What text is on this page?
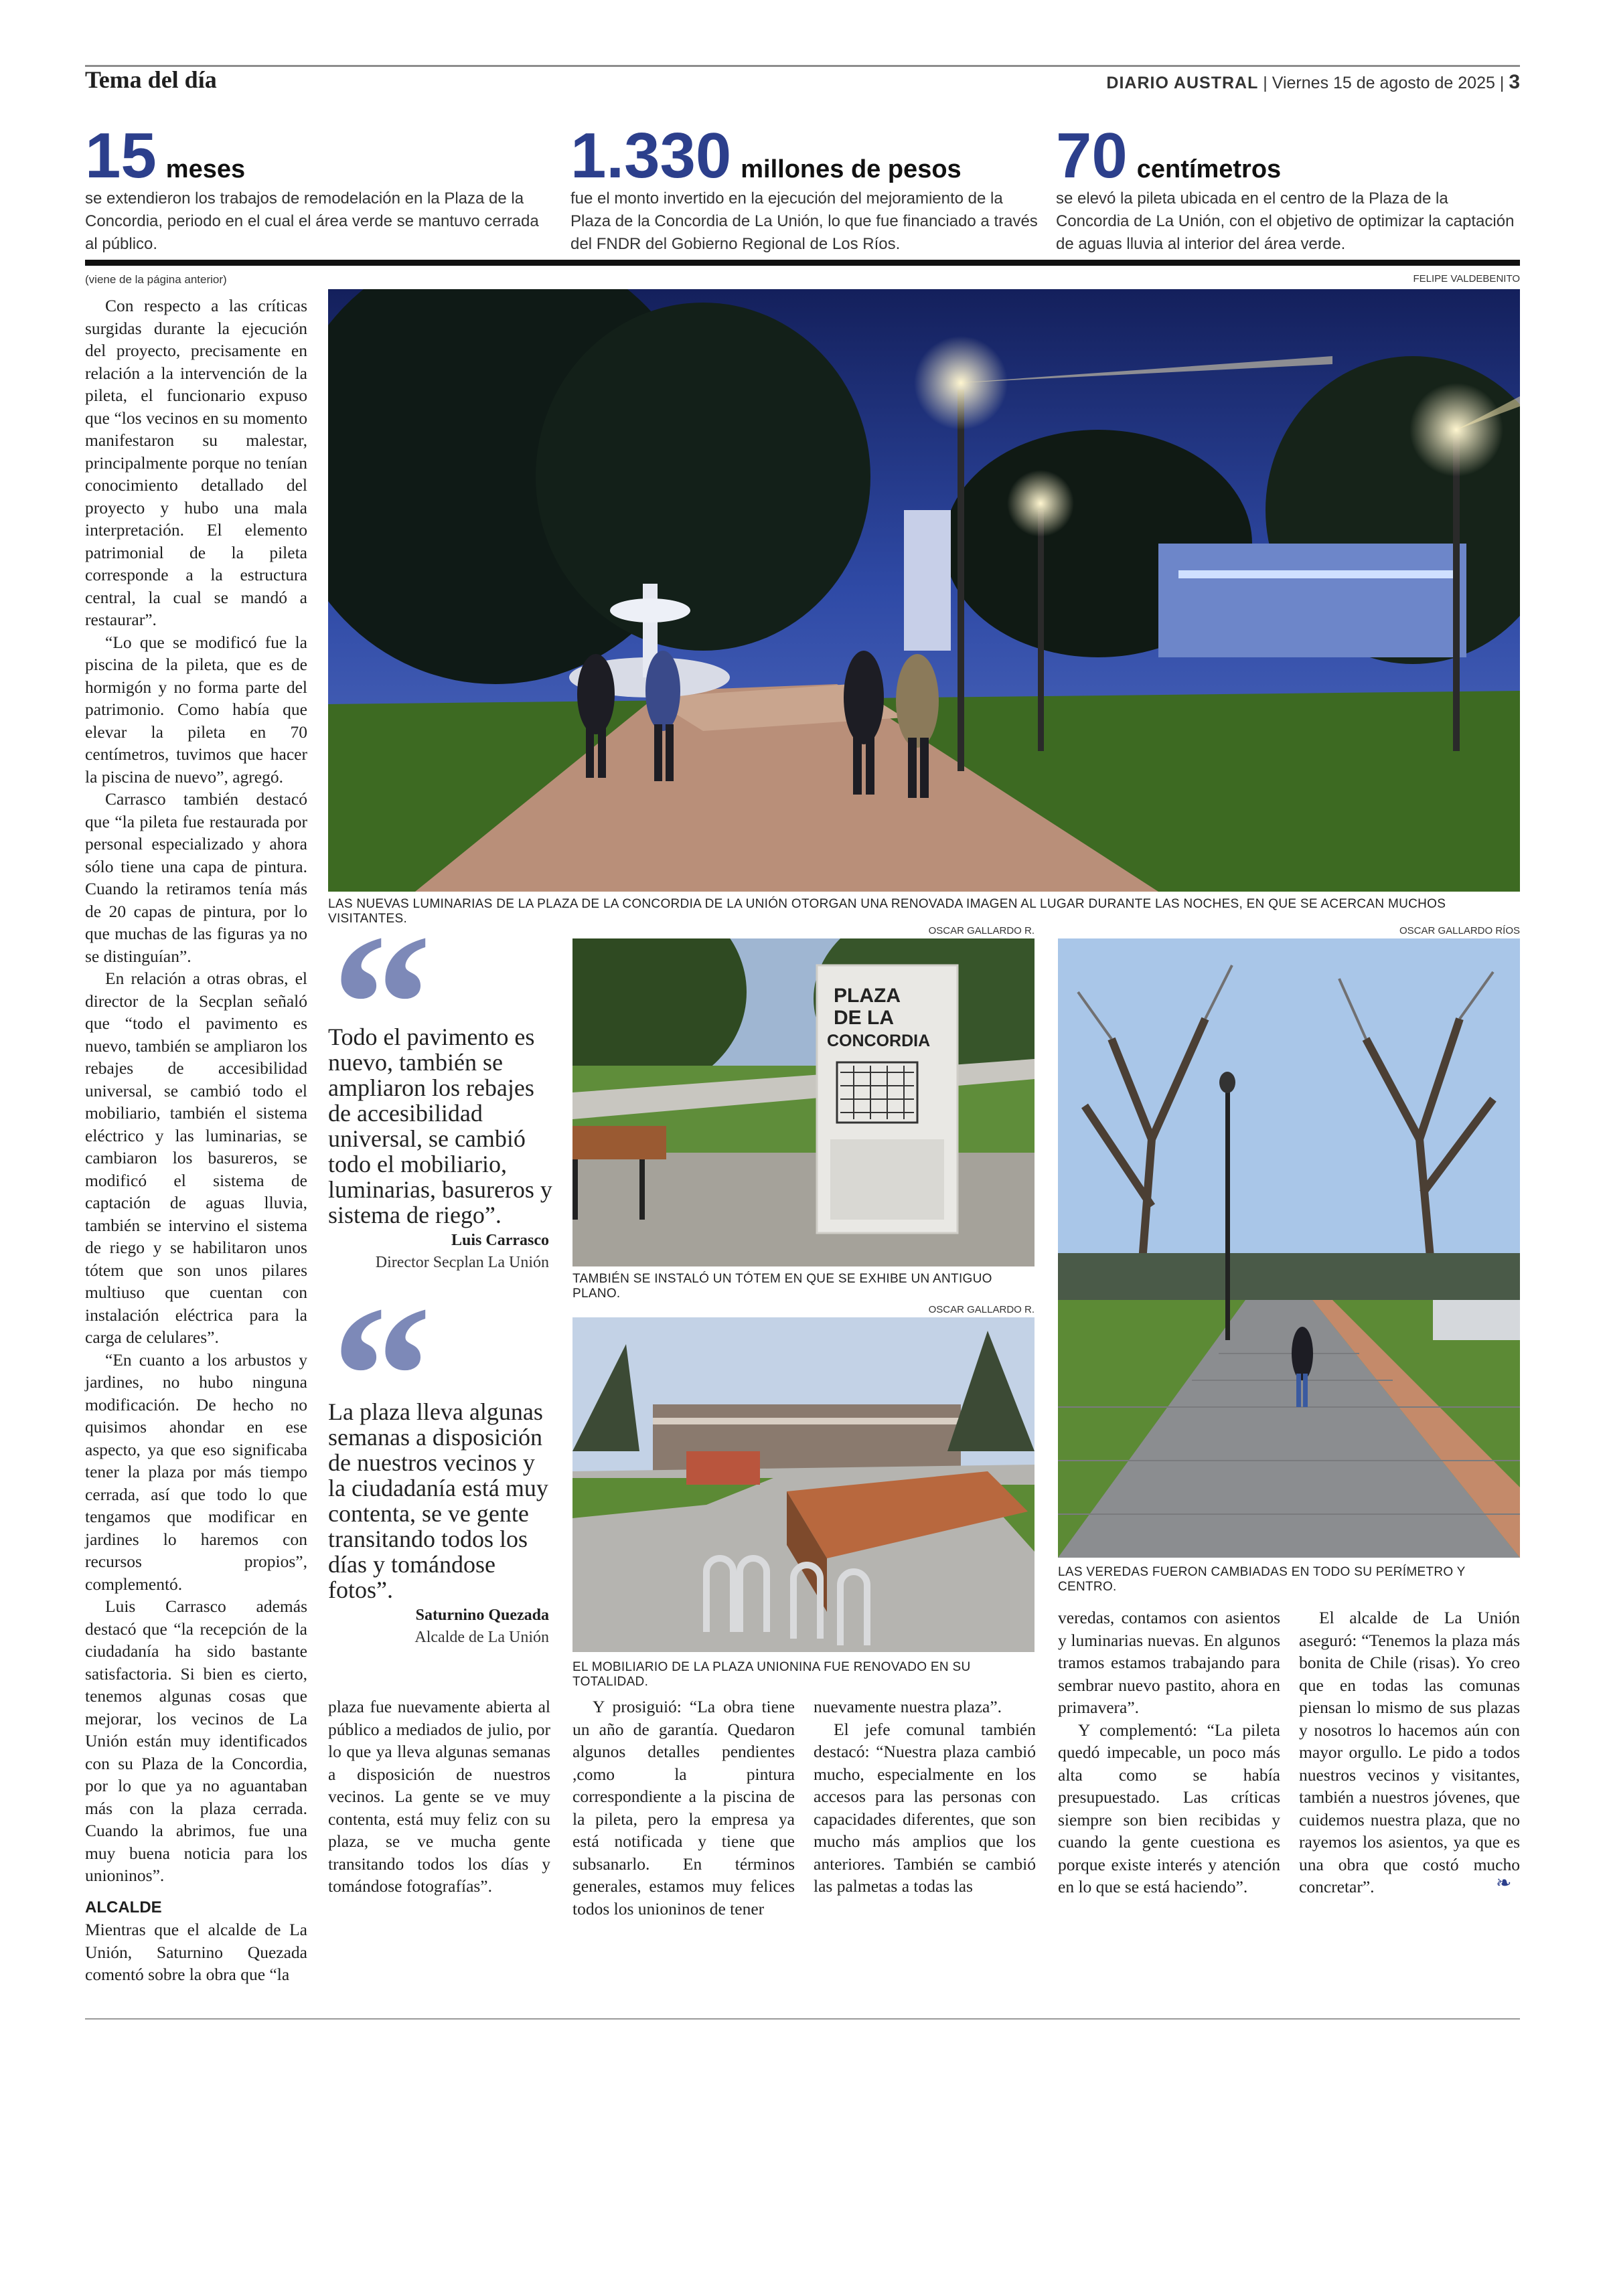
Tema del día	DIARIO AUSTRAL | Viernes 15 de agosto de 2025 | 3
15 meses
se extendieron los trabajos de remodelación en la Plaza de la Concordia, periodo en el cual el área verde se mantuvo cerrada al público.
1.330 millones de pesos
fue el monto invertido en la ejecución del mejoramiento de la Plaza de la Concordia de La Unión, lo que fue financiado a través del FNDR del Gobierno Regional de Los Ríos.
70 centímetros
se elevó la pileta ubicada en el centro de la Plaza de la Concordia de La Unión, con el objetivo de optimizar la captación de aguas lluvia al interior del área verde.
(viene de la página anterior)

Con respecto a las críticas surgidas durante la ejecución del proyecto, precisamente en relación a la intervención de la pileta, el funcionario expuso que “los vecinos en su momento manifestaron su malestar, principalmente porque no tenían conocimiento detallado del proyecto y hubo una mala interpretación. El elemento patrimonial de la pileta corresponde a la estructura central, la cual se mandó a restaurar”.

“Lo que se modificó fue la piscina de la pileta, que es de hormigón y no forma parte del patrimonio. Como había que elevar la pileta en 70 centímetros, tuvimos que hacer la piscina de nuevo”, agregó.

Carrasco también destacó que “la pileta fue restaurada por personal especializado y ahora sólo tiene una capa de pintura. Cuando la retiramos tenía más de 20 capas de pintura, por lo que muchas de las figuras ya no se distinguían”.

En relación a otras obras, el director de la Secplan señaló que “todo el pavimento es nuevo, también se ampliaron los rebajes de accesibilidad universal, se cambió todo el mobiliario, también el sistema eléctrico y las luminarias, se cambiaron los basureros, se modificó el sistema de captación de aguas lluvia, también se intervino el sistema de riego y se habilitaron unos tótem que son unos pilares multiuso que cuentan con instalación eléctrica para la carga de celulares”.

“En cuanto a los arbustos y jardines, no hubo ninguna modificación. De hecho no quisimos ahondar en ese aspecto, ya que eso significaba tener la plaza por más tiempo cerrada, así que todo lo que tengamos que modificar en jardines lo haremos con recursos propios”, complementó.

Luis Carrasco además destacó que “la recepción de la ciudadanía ha sido bastante satisfactoria. Si bien es cierto, tenemos algunas cosas que mejorar, los vecinos de La Unión están muy identificados con su Plaza de la Concordia, por lo que ya no aguantaban más con la plaza cerrada. Cuando la abrimos, fue una muy buena noticia para los unioninos”.

ALCALDE

Mientras que el alcalde de La Unión, Saturnino Quezada comentó sobre la obra que “la

FELIPE VALDEBENITO
LAS NUEVAS LUMINARIAS DE LA PLAZA DE LA CONCORDIA DE LA UNIÓN OTORGAN UNA RENOVADA IMAGEN AL LUGAR DURANTE LAS NOCHES, EN QUE SE ACERCAN MUCHOS VISITANTES.
Todo el pavimento es nuevo, también se ampliaron los rebajes de accesibilidad universal, se cambió todo el mobiliario, luminarias, basureros y sistema de riego”.
Luis Carrasco
Director Secplan La Unión
La plaza lleva algunas semanas a disposición de nuestros vecinos y la ciudadanía está muy contenta, se ve gente transitando todos los días y tomándose fotos”.
Saturnino Quezada
Alcalde de La Unión
OSCAR GALLARDO R.
PLAZA
DE LA
CONCORDIA
TAMBIÉN SE INSTALÓ UN TÓTEM EN QUE SE EXHIBE UN ANTIGUO PLANO.
OSCAR GALLARDO R.
EL MOBILIARIO DE LA PLAZA UNIONINA FUE RENOVADO EN SU TOTALIDAD.
OSCAR GALLARDO RÍOS
LAS VEREDAS FUERON CAMBIADAS EN TODO SU PERÍMETRO Y CENTRO.

plaza fue nuevamente abierta al público a mediados de julio, por lo que ya lleva algunas semanas a disposición de nuestros vecinos. La gente se ve muy contenta, está muy feliz con su plaza, se ve mucha gente transitando todos los días y tomándose fotografías”.

Y prosiguió: “La obra tiene un año de garantía. Quedaron algunos detalles pendientes ,como la pintura correspondiente a la piscina de la pileta, pero la empresa ya está notificada y tiene que subsanarlo. En términos generales, estamos muy felices todos los unioninos de tener

nuevamente nuestra plaza”.

El jefe comunal también destacó: “Nuestra plaza cambió mucho, especialmente en los accesos para las personas con capacidades diferentes, que son mucho más amplios que los anteriores. También se cambió las palmetas a todas las

veredas, contamos con asientos y luminarias nuevas. En algunos tramos estamos trabajando para sembrar nuevo pastito, ahora en primavera”.

Y complementó: “La pileta quedó impecable, un poco más alta como se había presupuestado. Las críticas siempre son bien recibidas y cuando la gente cuestiona es porque existe interés y atención en lo que se está haciendo”.

El alcalde de La Unión aseguró: “Tenemos la plaza más bonita de Chile (risas). Yo creo que en todas las comunas piensan lo mismo de sus plazas y nosotros lo hacemos aún con mayor orgullo. Le pido a todos nuestros vecinos y visitantes, también a nuestros jóvenes, que cuidemos nuestra plaza, que no rayemos los asientos, ya que es una obra que costó mucho concretar”.	❧
